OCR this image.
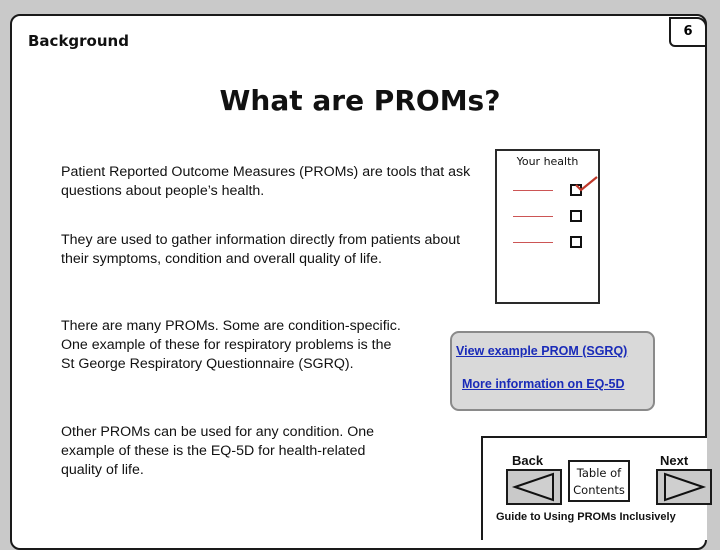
Background
6
What are PROMs?
Patient Reported Outcome Measures (PROMs) are tools that ask questions about people’s health.
They are used to gather information directly from patients about their symptoms, condition and overall quality of life.
There are many PROMs. Some are condition-specific. One example of these for respiratory problems is the St George Respiratory Questionnaire (SGRQ).
Other PROMs can be used for any condition. One example of these is the EQ-5D for health-related quality of life.
Your health
View example PROM (SGRQ)
More information on EQ-5D
Back	Next
Table of
Contents
Guide to Using PROMs Inclusively
